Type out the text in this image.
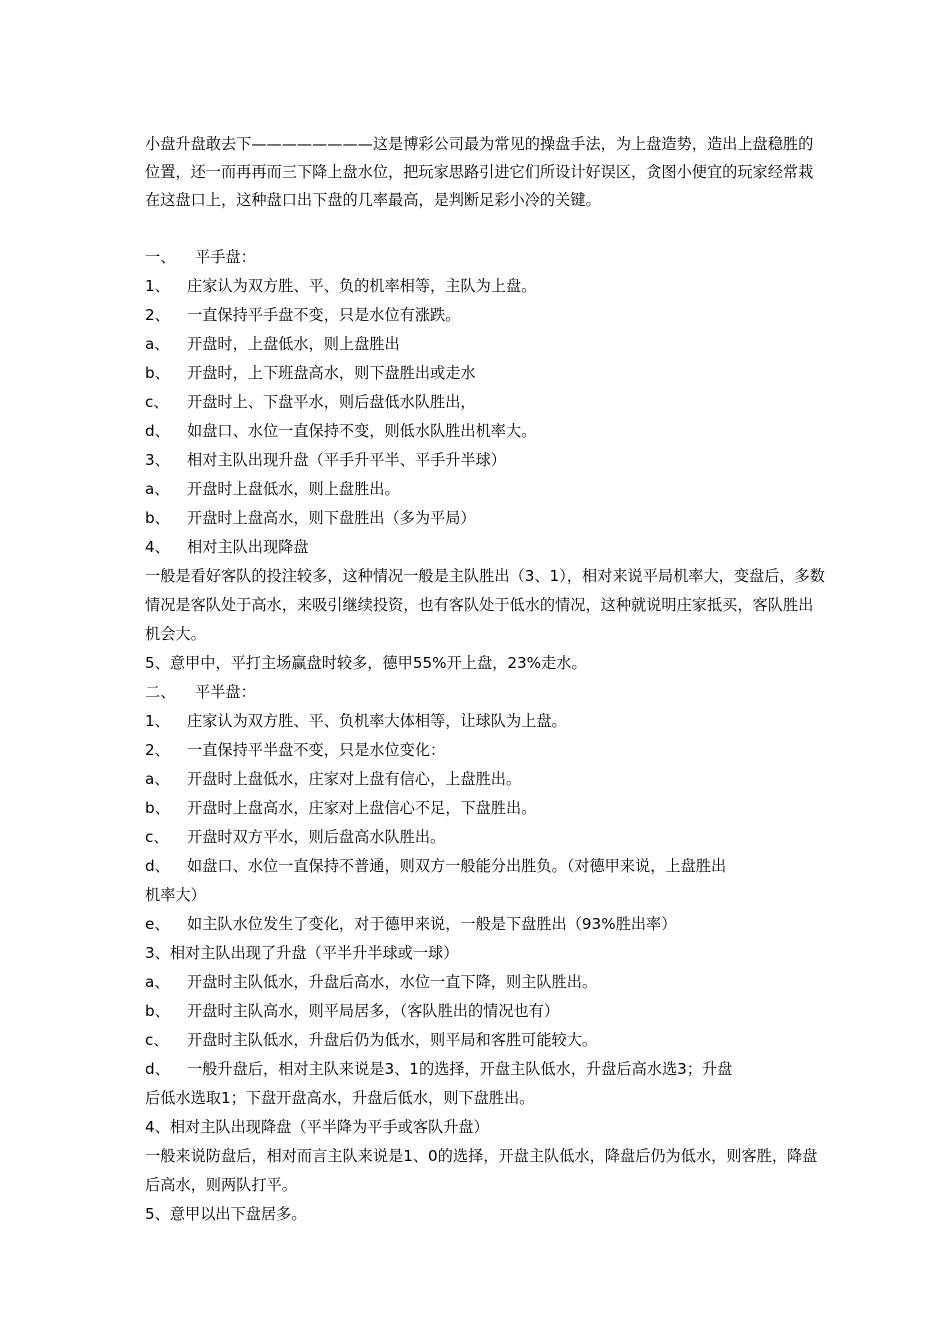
小盘升盘敢去下————————这是博彩公司最为常见的操盘手法，为上盘造势，造出上盘稳胜的位置，还一而再再而三下降上盘水位，把玩家思路引进它们所设计好误区，贪图小便宜的玩家经常栽在这盘口上，这种盘口出下盘的几率最高，是判断足彩小冷的关键。

一、 平手盘：
1、 庄家认为双方胜、平、负的机率相等，主队为上盘。
2、 一直保持平手盘不变，只是水位有涨跌。
a、 开盘时，上盘低水，则上盘胜出
b、 开盘时，上下班盘高水，则下盘胜出或走水
c、 开盘时上、下盘平水，则后盘低水队胜出，
d、 如盘口、水位一直保持不变，则低水队胜出机率大。
3、 相对主队出现升盘（平手升平半、平手升半球）
a、 开盘时上盘低水，则上盘胜出。
b、 开盘时上盘高水，则下盘胜出（多为平局）
4、 相对主队出现降盘
一般是看好客队的投注较多，这种情况一般是主队胜出（3、1），相对来说平局机率大，变盘后，多数情况是客队处于高水，来吸引继续投资，也有客队处于低水的情况，这种就说明庄家抵买，客队胜出机会大。
5、意甲中，平打主场赢盘时较多，德甲55%开上盘，23%走水。
二、 平半盘：
1、 庄家认为双方胜、平、负机率大体相等，让球队为上盘。
2、 一直保持平半盘不变，只是水位变化：
a、 开盘时上盘低水，庄家对上盘有信心，上盘胜出。
b、 开盘时上盘高水，庄家对上盘信心不足，下盘胜出。
c、 开盘时双方平水，则后盘高水队胜出。
d、 如盘口、水位一直保持不普通，则双方一般能分出胜负。（对德甲来说，上盘胜出
机率大）
e、 如主队水位发生了变化，对于德甲来说，一般是下盘胜出（93%胜出率）
3、相对主队出现了升盘（平半升半球或一球）
a、 开盘时主队低水，升盘后高水，水位一直下降，则主队胜出。
b、 开盘时主队高水，则平局居多，（客队胜出的情况也有）
c、 开盘时主队低水，升盘后仍为低水，则平局和客胜可能较大。
d、 一般升盘后，相对主队来说是3、1的选择，开盘主队低水，升盘后高水选3；升盘
后低水选取1；下盘开盘高水，升盘后低水，则下盘胜出。
4、相对主队出现降盘（平半降为平手或客队升盘）
一般来说防盘后，相对而言主队来说是1、0的选择，开盘主队低水，降盘后仍为低水，则客胜，降盘后高水，则两队打平。
5、意甲以出下盘居多。
